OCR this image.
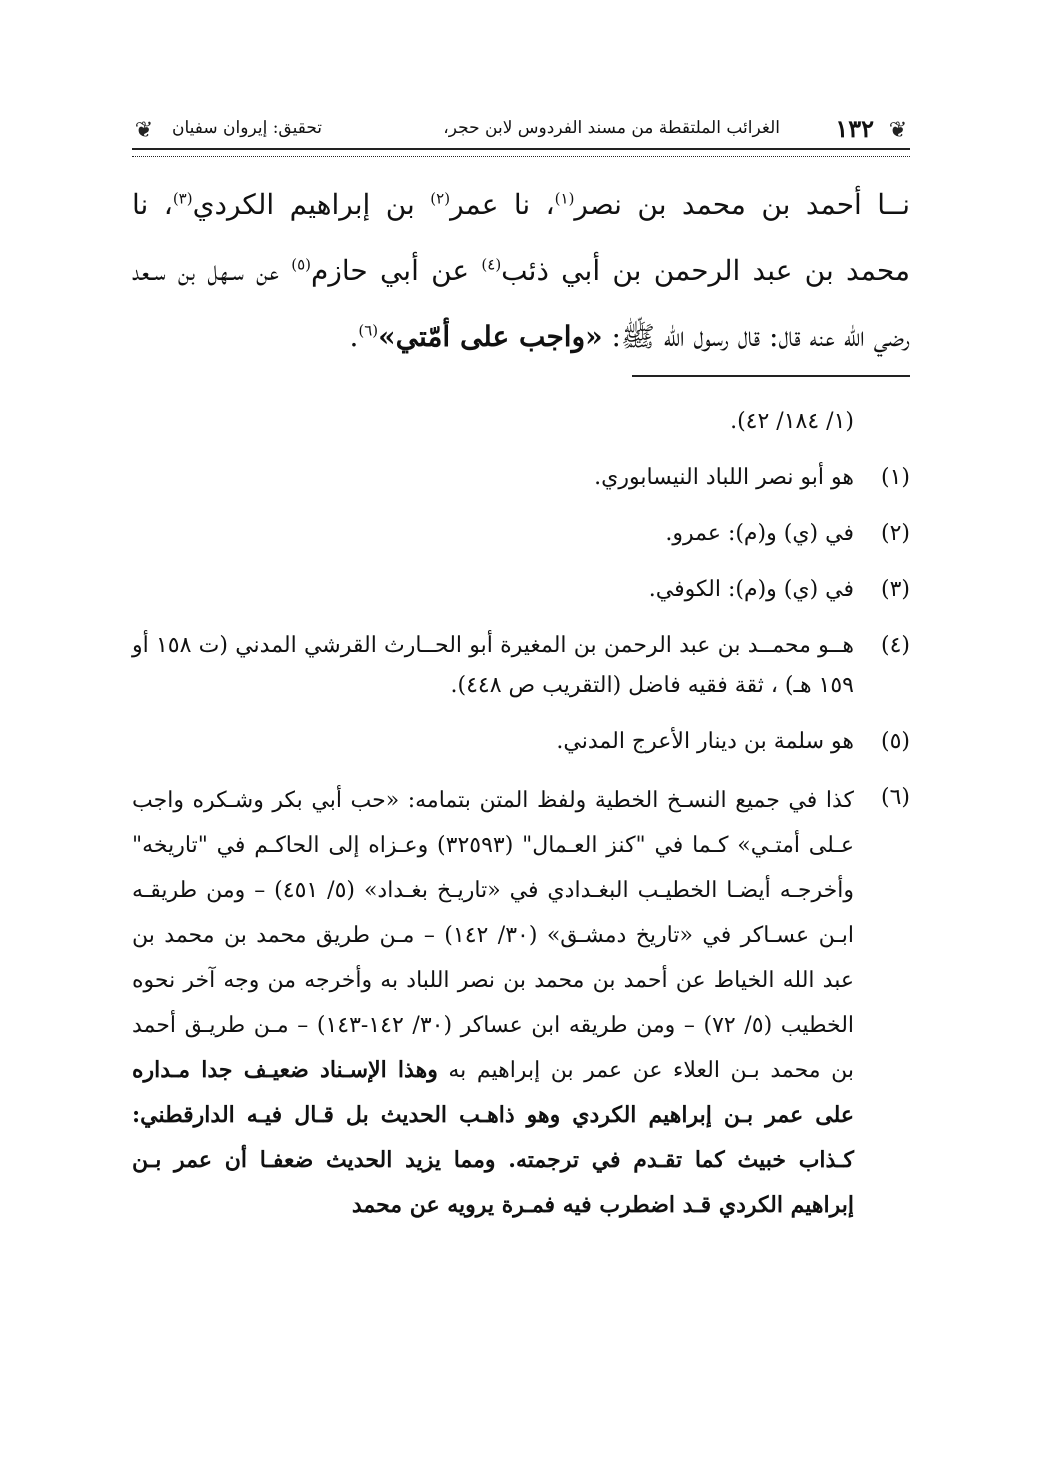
❦
١٣٢
الغرائب الملتقطة من مسند الفردوس لابن حجر،
تحقيق: إيروان سفيان
❦
نــا أحمد بن محمد بن نصر$^{(١)}$، نا عمر$^{(٢)}$ بن إبراهيم الكردي$^{(٣)}$، نا محمد بن عبد الرحمن بن أبي ذئب$^{(٤)}$ عن أبي حازم$^{(٥)}$ عن سـهل بن سـعد رضي الله عنه قال: قال رسول الله ﷺ: «واجب على أمّتي»$^{(٦)}$.
(١/ ١٨٤/ ٤٢).
(١)
هو أبو نصر اللباد النيسابوري.
(٢)
في (ي) و(م): عمرو.
(٣)
في (ي) و(م): الكوفي.
(٤)
هــو محمــد بن عبد الرحمن بن المغيرة أبو الحــارث القرشي المدني (ت ١٥٨ أو ١٥٩ هـ) ، ثقة فقيه فاضل (التقريب ص ٤٤٨).
(٥)
هو سلمة بن دينار الأعرج المدني.
(٦)
كذا في جميع النسـخ الخطية ولفظ المتن بتمامه: «حب أبي بكر وشـكره واجب عـلى أمتـي» كـما في "كنز العـمال" (٣٢٥٩٣) وعـزاه إلى الحاكـم في "تاريخه" وأخرجـه أيضـا الخطيـب البغـدادي في «تاريـخ بغـداد» (٥/ ٤٥١) – ومن طريقـه ابـن عسـاكر في «تاريخ دمشـق» (٣٠/ ١٤٢) – مـن طريق محمد بن محمد بن عبد الله الخياط عن أحمد بن محمد بن نصر اللباد به وأخرجه من وجه آخر نحوه الخطيب (٥/ ٧٢) – ومن طريقه ابن عساكر (٣٠/ ١٤٢-١٤٣) – مـن طريـق أحمد بن محمد بـن العلاء عن عمر بن إبراهيم به وهذا الإسـناد ضعيـف جدا مـداره على عمر بـن إبراهيم الكردي وهو ذاهـب الحديث بل قـال فيـه الدارقطني: كـذاب خبيث كما تقـدم في ترجمته. ومما يزيد الحديث ضعفـا أن عمر بـن إبراهيم الكردي قـد اضطرب فيه فمـرة يرويه عن محمد
